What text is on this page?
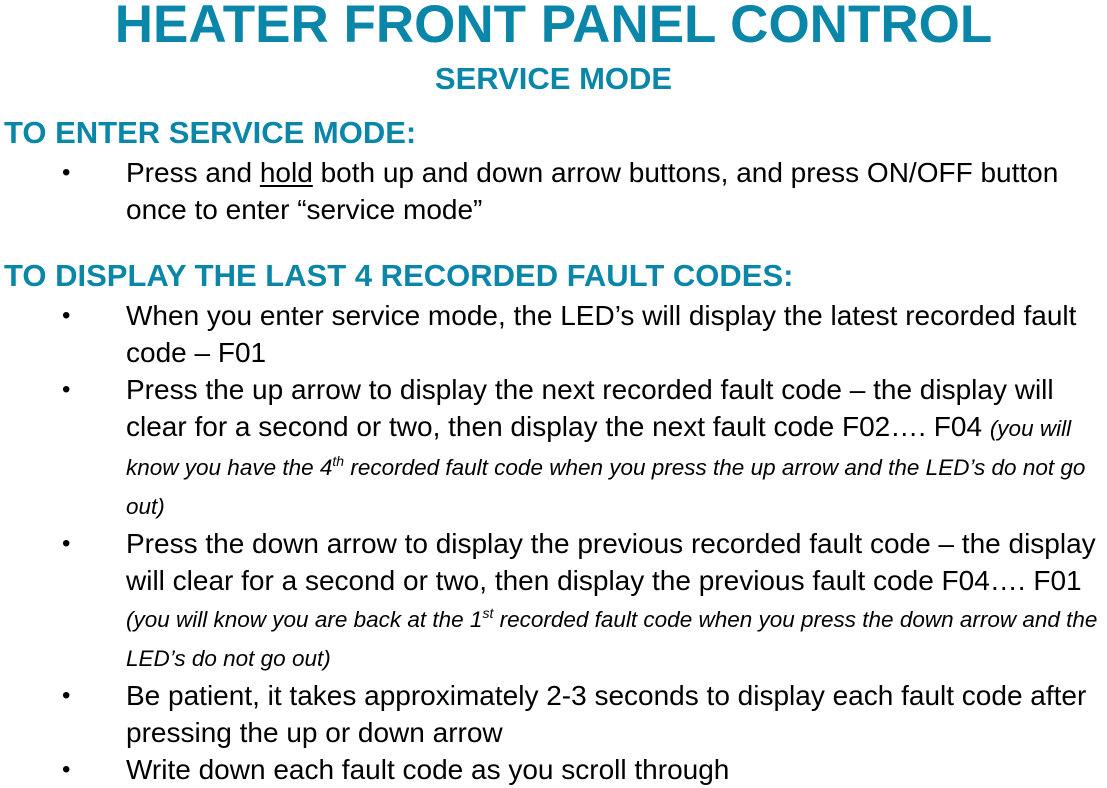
HEATER FRONT PANEL CONTROL
SERVICE MODE
TO ENTER SERVICE MODE:
• Press and hold both up and down arrow buttons, and press ON/OFF button once to enter “service mode”
TO DISPLAY THE LAST 4 RECORDED FAULT CODES:
• When you enter service mode, the LED’s will display the latest recorded fault code – F01
• Press the up arrow to display the next recorded fault code – the display will clear for a second or two, then display the next fault code F02…. F04 (you will know you have the 4th recorded fault code when you press the up arrow and the LED’s do not go out)
• Press the down arrow to display the previous recorded fault code – the display will clear for a second or two, then display the previous fault code F04…. F01 (you will know you are back at the 1st recorded fault code when you press the down arrow and the LED’s do not go out)
• Be patient, it takes approximately 2-3 seconds to display each fault code after pressing the up or down arrow
• Write down each fault code as you scroll through
